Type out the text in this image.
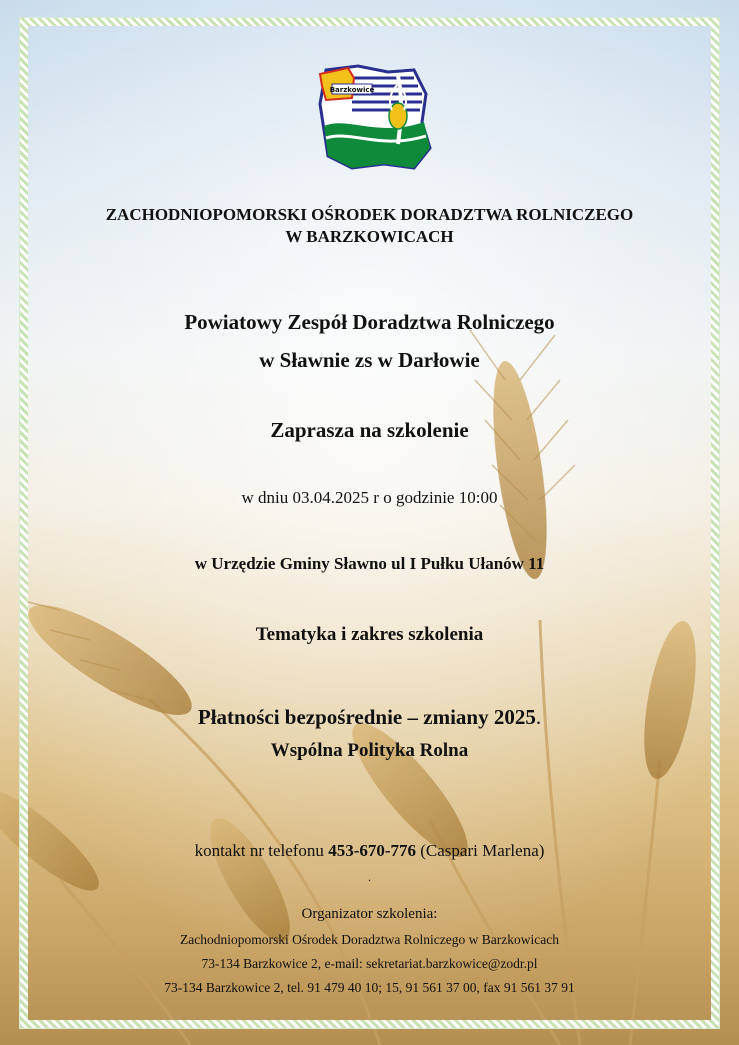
Barzkowice
ZACHODNIOPOMORSKI OŚRODEK DORADZTWA ROLNICZEGO
W BARZKOWICACH
Powiatowy Zespół Doradztwa Rolniczego
w Sławnie zs w Darłowie
Zaprasza na szkolenie
w dniu 03.04.2025 r o godzinie 10:00
w Urzędzie Gminy Sławno ul I Pułku Ułanów 11
Tematyka i zakres szkolenia
Płatności bezpośrednie – zmiany 2025.
Wspólna Polityka Rolna
kontakt nr telefonu 453-670-776 (Caspari Marlena)
.
Organizator szkolenia:
Zachodniopomorski Ośrodek Doradztwa Rolniczego w Barzkowicach
73-134 Barzkowice 2, e-mail: sekretariat.barzkowice@zodr.pl
73-134 Barzkowice 2, tel. 91 479 40 10; 15, 91 561 37 00, fax 91 561 37 91
